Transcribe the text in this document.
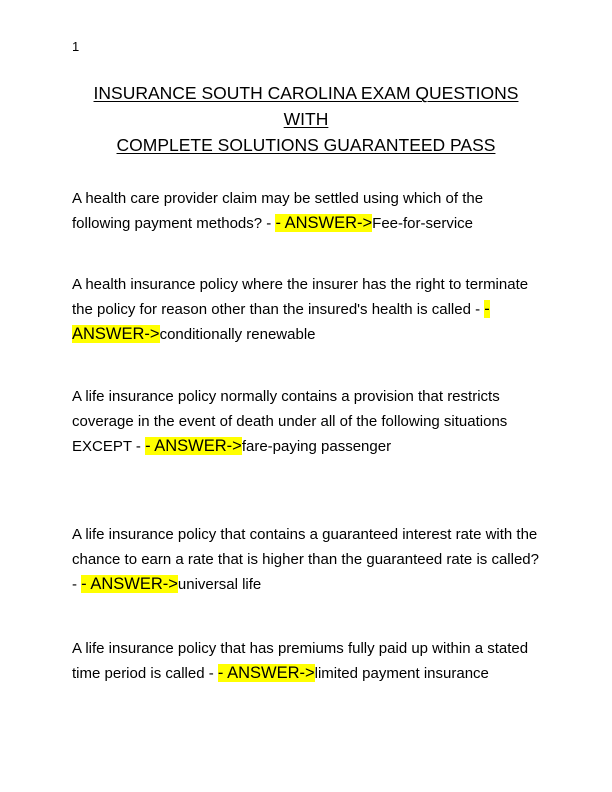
1
INSURANCE SOUTH CAROLINA EXAM QUESTIONS WITH
COMPLETE SOLUTIONS GUARANTEED PASS
A health care provider claim may be settled using which of the following payment methods? - - ANSWER->Fee-for-service
A health insurance policy where the insurer has the right to terminate the policy for reason other than the insured's health is called - - ANSWER->conditionally renewable
A life insurance policy normally contains a provision that restricts coverage in the event of death under all of the following situations EXCEPT - - ANSWER->fare-paying passenger
A life insurance policy that contains a guaranteed interest rate with the chance to earn a rate that is higher than the guaranteed rate is called? - - ANSWER->universal life
A life insurance policy that has premiums fully paid up within a stated time period is called - - ANSWER->limited payment insurance
